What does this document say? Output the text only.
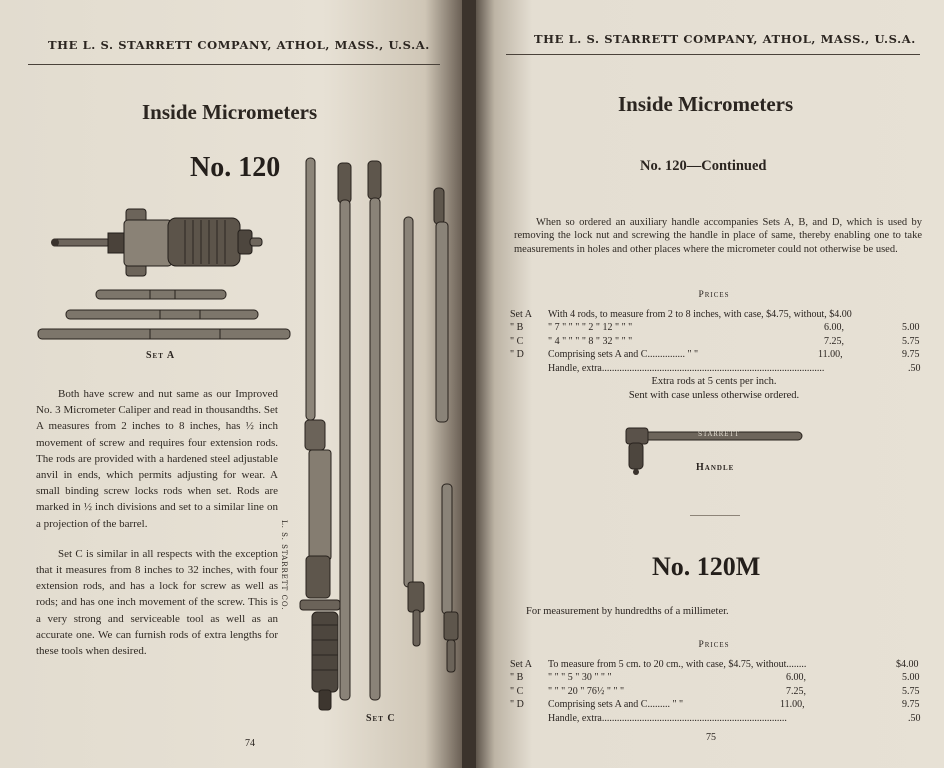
THE L. S. STARRETT COMPANY, ATHOL, MASS., U.S.A.
Inside Micrometers
No. 120
Set A
L. S. STARRETT CO.
Set C

Both have screw and nut same as our Improved No. 3 Micrometer Caliper and read in thousandths. Set A measures from 2 inches to 8 inches, has ½ inch movement of screw and requires four extension rods. The rods are provided with a hardened steel adjustable anvil in ends, which permits adjusting for wear. A small binding screw locks rods when set. Rods are marked in ½ inch divisions and set to a similar line on a projection of the barrel.

Set C is similar in all respects with the exception that it measures from 8 inches to 32 inches, with four extension rods, and has a lock for screw as well as rods; and has one inch movement of the screw. This is a very strong and serviceable tool as well as an accurate one. We can furnish rods of extra lengths for these tools when desired.

74
THE L. S. STARRETT COMPANY, ATHOL, MASS., U.S.A.
Inside Micrometers
No. 120—Continued

When so ordered an auxiliary handle accompanies Sets A, B, and D, which is used by removing the lock nut and screwing the handle in place of same, thereby enabling one to take measurements in holes and other places where the micrometer could not otherwise be used.

Prices
Set A With 4 rods, to measure from 2 to 8 inches, with case, $4.75, without, $4.00
" B " 7 " " " " 2 " 12 " " "	6.00,	5.00
" C " 4 " " " " 8 " 32 " " "	7.25,	5.75
" D Comprising sets A and C............... " "	11.00,	9.75
Handle, extra.........................................................................................	.50
Extra rods at 5 cents per inch.
Sent with case unless otherwise ordered.
STARRETT
Handle
No. 120M
For measurement by hundredths of a millimeter.
Prices
Set A To measure from 5 cm. to 20 cm., with case, $4.75, without........	$4.00
" B " " " 5 " 30 " " "	6.00,	5.00
" C " " " 20 " 76½ " " "	7.25,	5.75
" D Comprising sets A and C......... " "	11.00,	9.75
Handle, extra..........................................................................	.50
75
